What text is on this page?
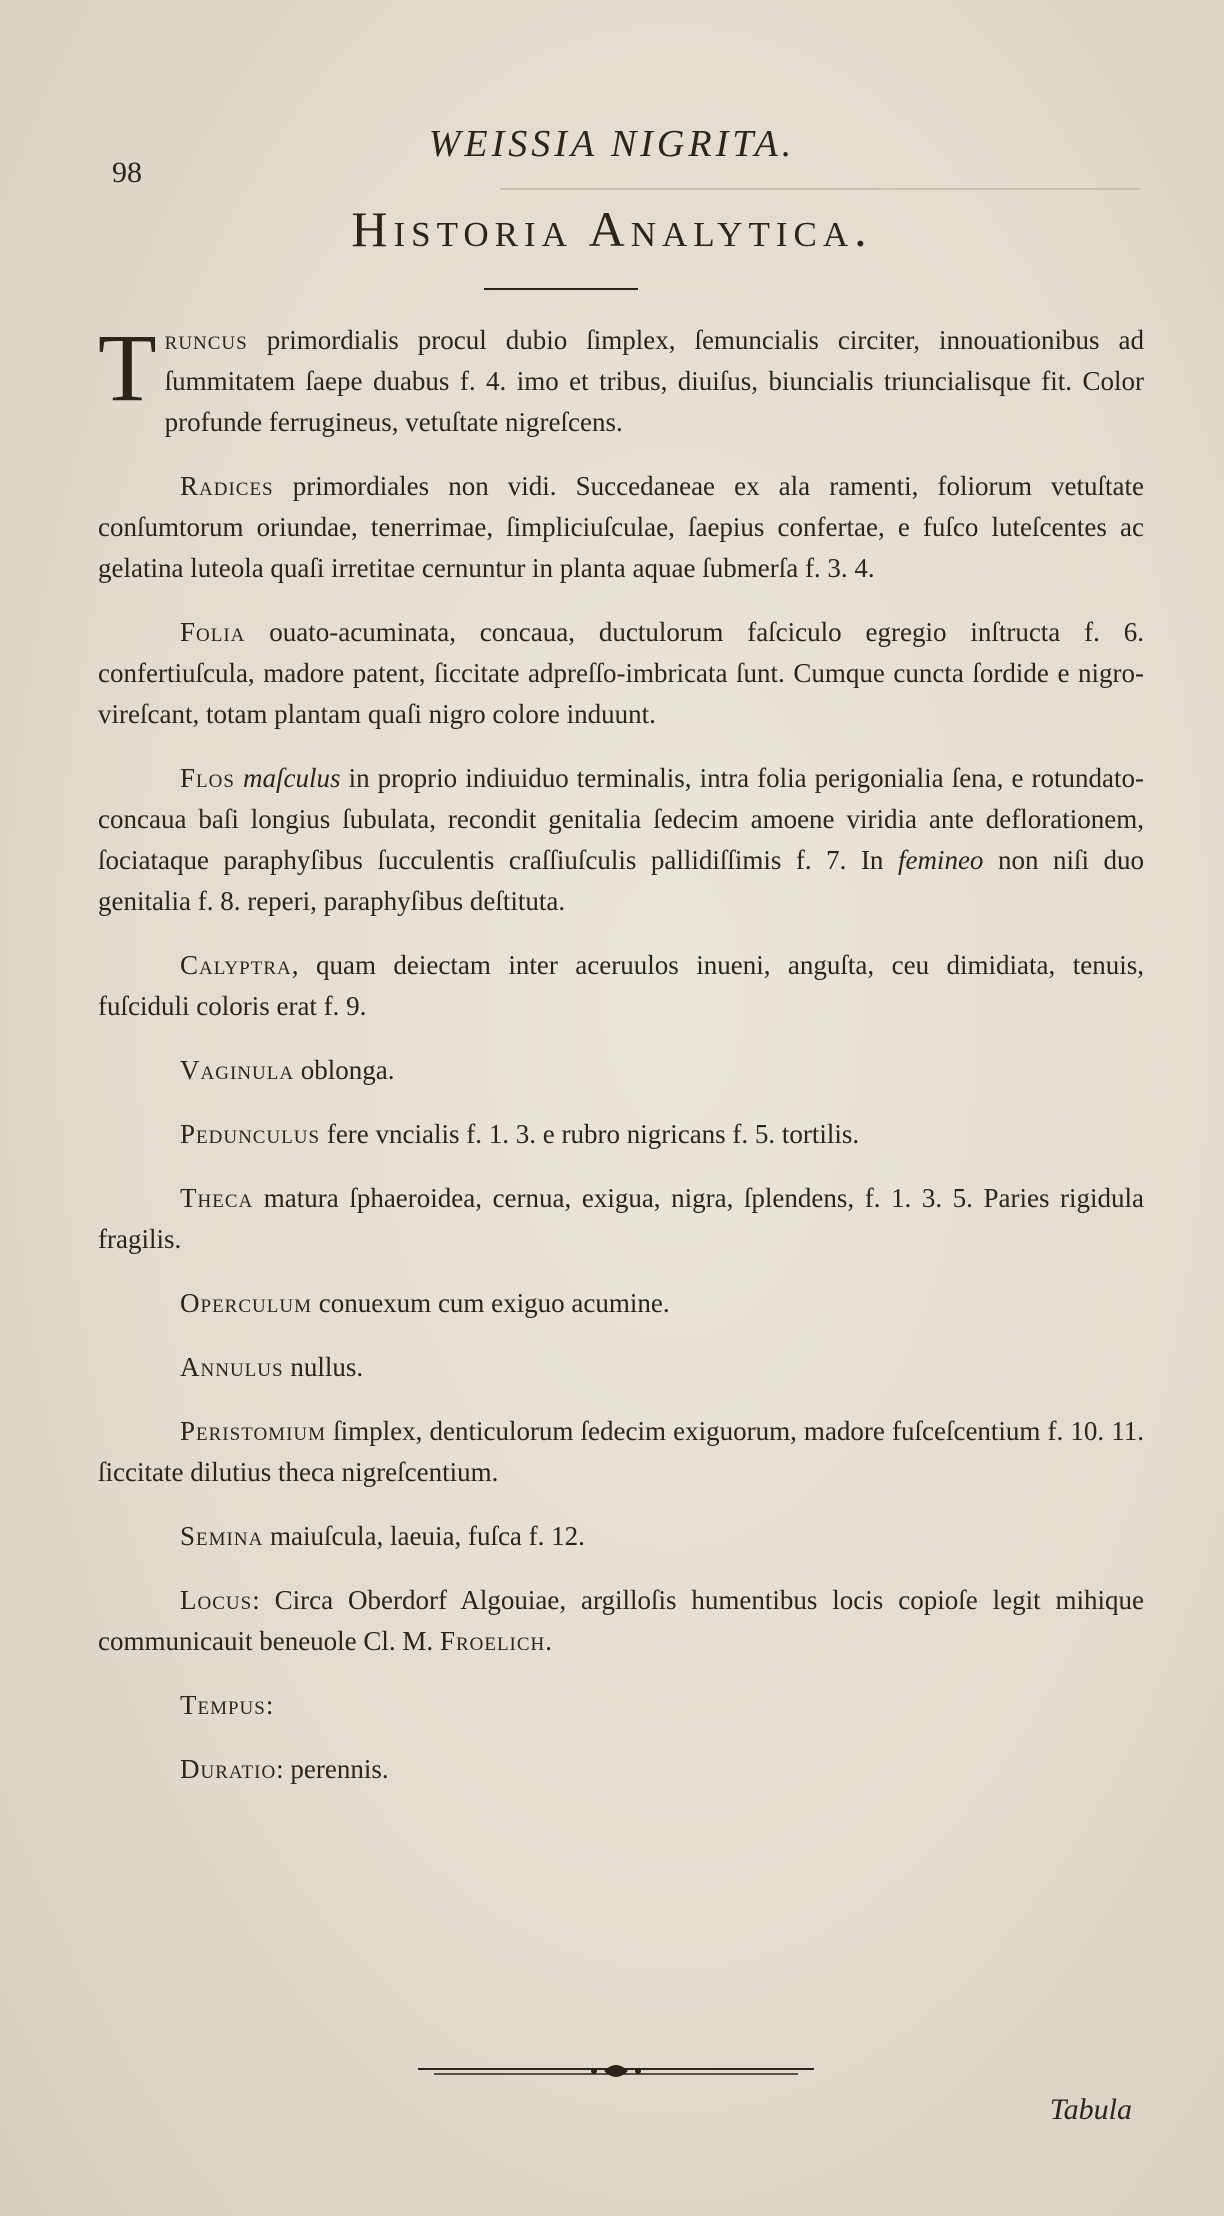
98
WEISSIA NIGRITA.
Historia Analytica.

Truncus primordialis procul dubio ſimplex, ſemuncialis circiter, innouationibus ad ſummitatem ſaepe duabus f. 4. imo et tribus, diuiſus, biuncialis triuncialisque fit. Color profunde ferrugineus, vetuſtate nigreſcens.

Radices primordiales non vidi. Succedaneae ex ala ramenti, foliorum vetuſtate conſumtorum oriundae, tenerrimae, ſimpliciuſculae, ſaepius confertae, e fuſco luteſcentes ac gelatina luteola quaſi irretitae cernuntur in planta aquae ſubmerſa f. 3. 4.

Folia ouato-acuminata, concaua, ductulorum faſciculo egregio inſtructa f. 6. confertiuſcula, madore patent, ſiccitate adpreſſo-imbricata ſunt. Cumque cuncta ſordide e nigro-vireſcant, totam plantam quaſi nigro colore induunt.

Flos maſculus in proprio indiuiduo terminalis, intra folia perigonialia ſena, e rotundato-concaua baſi longius ſubulata, recondit genitalia ſedecim amoene viridia ante deflorationem, ſociataque paraphyſibus ſucculentis craſſiuſculis pallidiſſimis f. 7. In femineo non niſi duo genitalia f. 8. reperi, paraphyſibus deſtituta.

Calyptra, quam deiectam inter aceruulos inueni, anguſta, ceu dimidiata, tenuis, fuſciduli coloris erat f. 9.

Vaginula oblonga.

Pedunculus fere vncialis f. 1. 3. e rubro nigricans f. 5. tortilis.

Theca matura ſphaeroidea, cernua, exigua, nigra, ſplendens, f. 1. 3. 5. Paries rigidula fragilis.

Operculum conuexum cum exiguo acumine.

Annulus nullus.

Peristomium ſimplex, denticulorum ſedecim exiguorum, madore fuſceſcentium f. 10. 11. ſiccitate dilutius theca nigreſcentium.

Semina maiuſcula, laeuia, fuſca f. 12.

Locus: Circa Oberdorf Algouiae, argilloſis humentibus locis copioſe legit mihique communicauit beneuole Cl. M. Froelich.

Tempus:

Duratio: perennis.

Tabula
